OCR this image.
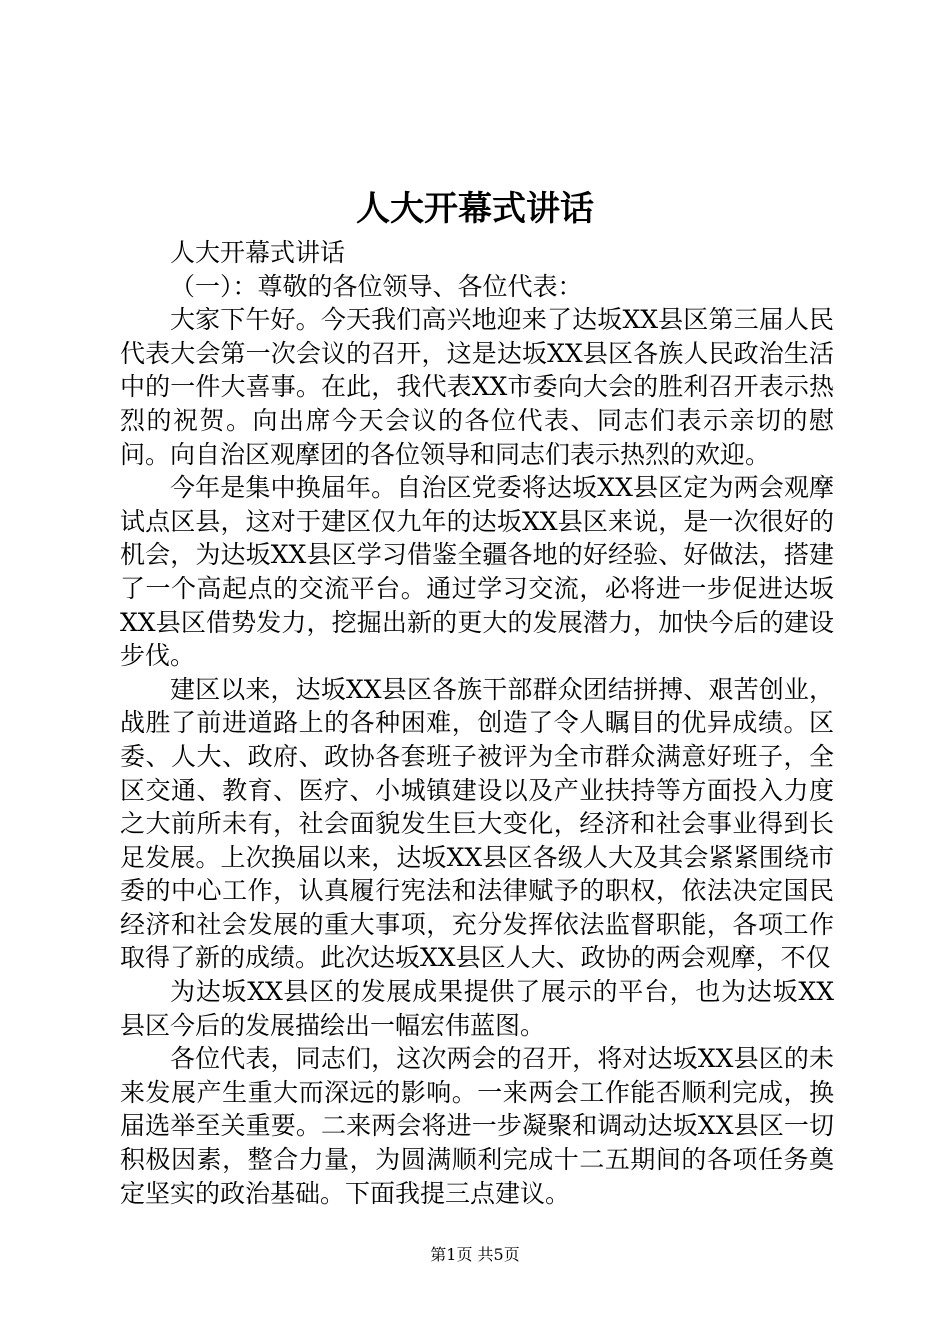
人大开幕式讲话

人大开幕式讲话

（一）：尊敬的各位领导、各位代表：

大家下午好。今天我们高兴地迎来了达坂XX县区第三届人民代表大会第一次会议的召开，这是达坂XX县区各族人民政治生活中的一件大喜事。在此，我代表XX市委向大会的胜利召开表示热烈的祝贺。向出席今天会议的各位代表、同志们表示亲切的慰问。向自治区观摩团的各位领导和同志们表示热烈的欢迎。

今年是集中换届年。自治区党委将达坂XX县区定为两会观摩试点区县，这对于建区仅九年的达坂XX县区来说，是一次很好的机会，为达坂XX县区学习借鉴全疆各地的好经验、好做法，搭建了一个高起点的交流平台。通过学习交流，必将进一步促进达坂XX县区借势发力，挖掘出新的更大的发展潜力，加快今后的建设步伐。

建区以来，达坂XX县区各族干部群众团结拼搏、艰苦创业，战胜了前进道路上的各种困难，创造了令人瞩目的优异成绩。区委、人大、政府、政协各套班子被评为全市群众满意好班子，全区交通、教育、医疗、小城镇建设以及产业扶持等方面投入力度之大前所未有，社会面貌发生巨大变化，经济和社会事业得到长足发展。上次换届以来，达坂XX县区各级人大及其会紧紧围绕市委的中心工作，认真履行宪法和法律赋予的职权，依法决定国民经济和社会发展的重大事项，充分发挥依法监督职能，各项工作取得了新的成绩。此次达坂XX县区人大、政协的两会观摩，不仅

为达坂XX县区的发展成果提供了展示的平台，也为达坂XX县区今后的发展描绘出一幅宏伟蓝图。

各位代表，同志们，这次两会的召开，将对达坂XX县区的未来发展产生重大而深远的影响。一来两会工作能否顺利完成，换届选举至关重要。二来两会将进一步凝聚和调动达坂XX县区一切积极因素，整合力量，为圆满顺利完成十二五期间的各项任务奠定坚实的政治基础。下面我提三点建议。

第1页 共5页
